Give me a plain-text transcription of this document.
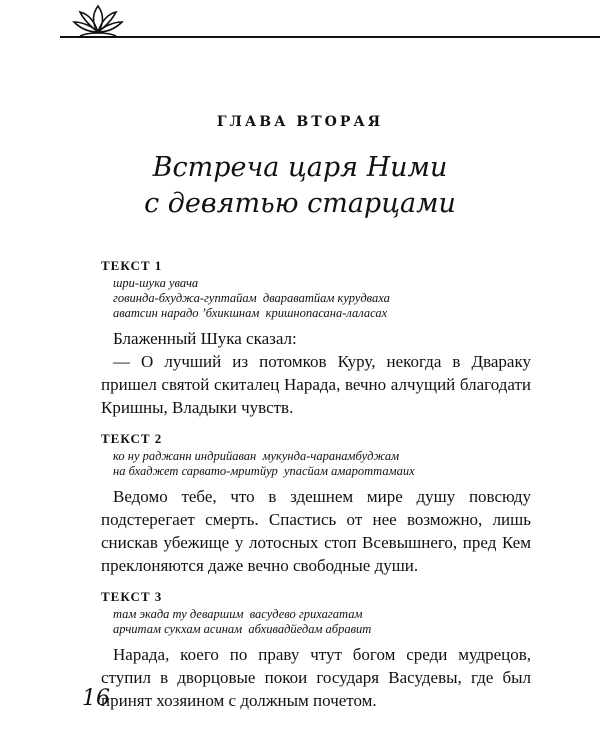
ГЛАВА ВТОРАЯ
Встреча царя Ними
с девятью старцами
ТЕКСТ 1
шри-шука увача
говинда-бхуджа-гуптайам  двараватйам курудваха
аватсин нарадо ’бхикшнам  кришнопасана-лаласах

Блаженный Шука сказал:

— О лучший из потомков Куру, некогда в Двараку пришел святой скиталец Нарада, вечно алчущий благодати Кришны, Владыки чувств.

ТЕКСТ 2
ко ну раджанн индрийаван  мукунда-чаранамбуджам
на бхаджет сарвато-мритйур  упасйам амароттамаих

Ведомо тебе, что в здешнем мире душу повсюду подстерегает смерть. Спастись от нее возможно, лишь снискав убежище у лотосных стоп Всевышнего, пред Кем преклоняются даже вечно свободные души.

ТЕКСТ 3
там экада ту деваршим  васудево грихагатам
арчитам сукхам асинам  абхивадйедам абравит

Нарада, коего по праву чтут богом среди мудрецов, ступил в дворцовые покои государя Васудевы, где был принят хозяином с должным почетом.

16
